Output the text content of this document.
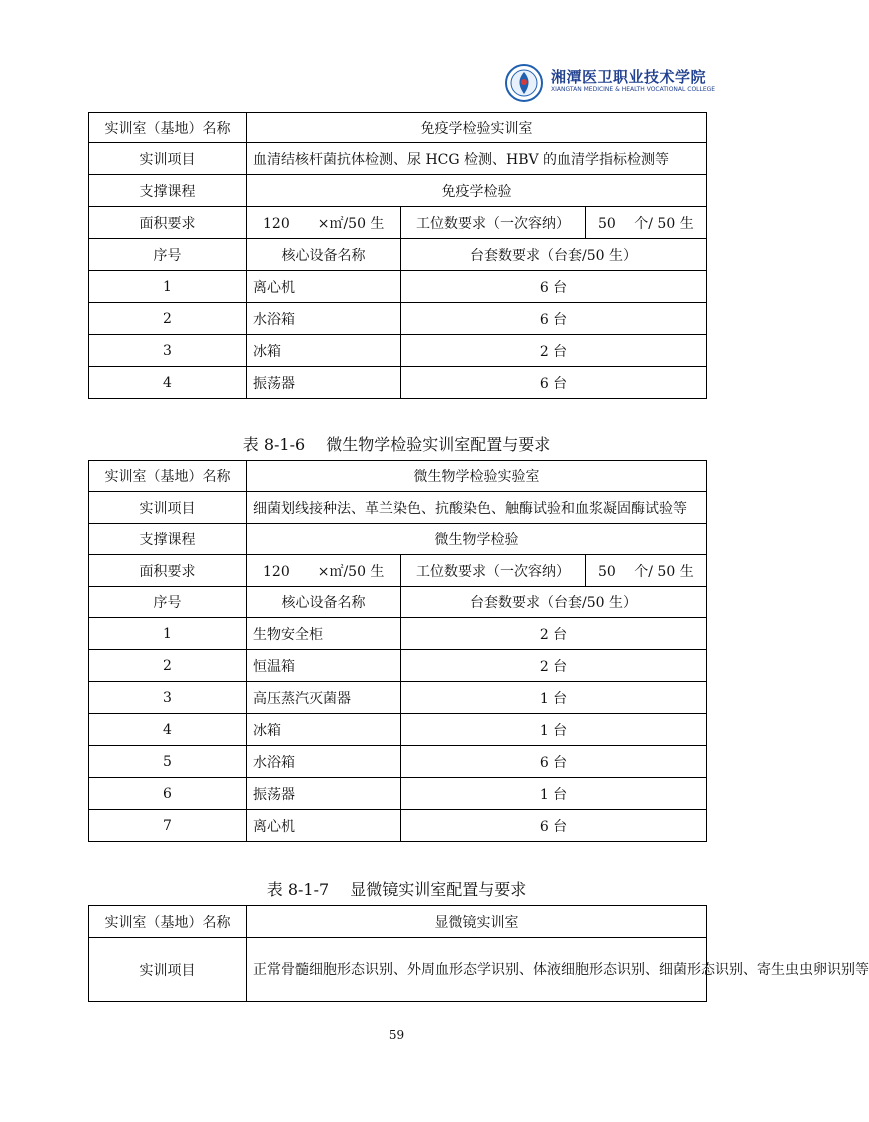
湘潭医卫职业技术学院
XIANGTAN MEDICINE & HEALTH VOCATIONAL COLLEGE
实训室（基地）名称	免疫学检验实训室		
实训项目	血清结核杆菌抗体检测、尿 HCG 检测、HBV 的血清学指标检测等		
支撑课程	免疫学检验		
面积要求	120　　×㎡/50 生	工位数要求（一次容纳）	50　 个/ 50 生
序号	核心设备名称	台套数要求（台套/50 生）	
1	离心机	6 台	
2	水浴箱	6 台	
3	冰箱	2 台	
4	振荡器	6 台	
表 8-1-6　 微生物学检验实训室配置与要求
实训室（基地）名称	微生物学检验实验室		
实训项目	细菌划线接种法、革兰染色、抗酸染色、触酶试验和血浆凝固酶试验等		
支撑课程	微生物学检验		
面积要求	120　　×㎡/50 生	工位数要求（一次容纳）	50　 个/ 50 生
序号	核心设备名称	台套数要求（台套/50 生）	
1	生物安全柜	2 台	
2	恒温箱	2 台	
3	高压蒸汽灭菌器	1 台	
4	冰箱	1 台	
5	水浴箱	6 台	
6	振荡器	1 台	
7	离心机	6 台	
表 8-1-7　 显微镜实训室配置与要求
实训室（基地）名称	显微镜实训室
实训项目	正常骨髓细胞形态识别、外周血形态学识别、体液细胞形态识别、细菌形态识别、寄生虫虫卵识别等
59
